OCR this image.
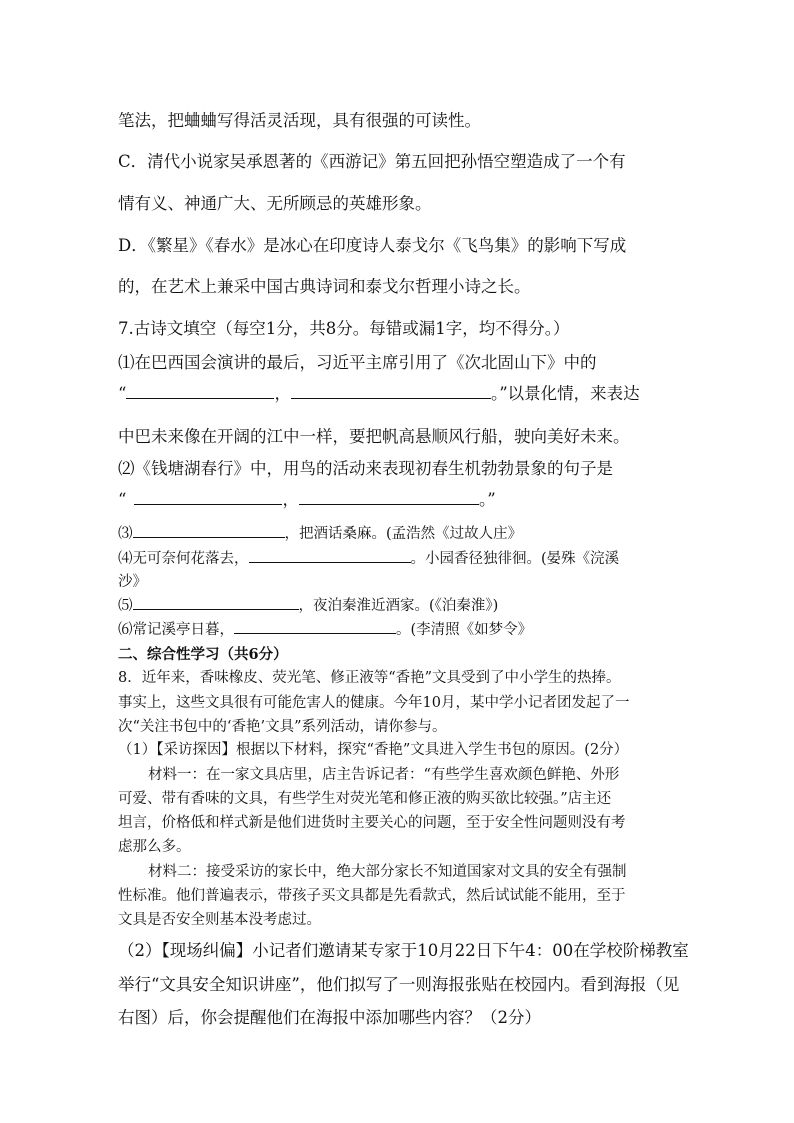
笔法，把蛐蛐写得活灵活现，具有很强的可读性。
C．清代小说家吴承恩著的《西游记》第五回把孙悟空塑造成了一个有
情有义、神通广大、无所顾忌的英雄形象。
D．《繁星》《春水》是冰心在印度诗人泰戈尔《飞鸟集》的影响下写成
的，在艺术上兼采中国古典诗词和泰戈尔哲理小诗之长。
7.古诗文填空（每空1分，共8分。每错或漏1字，均不得分。）
⑴在巴西国会演讲的最后，习近平主席引用了《次北固山下》中的
“	，	。”以景化情，来表达
中巴未来像在开阔的江中一样，要把帆高悬顺风行船，驶向美好未来。
⑵《钱塘湖春行》中，用鸟的活动来表现初春生机勃勃景象的句子是
“	，	。”
⑶	，把酒话桑麻。(孟浩然《过故人庄》
⑷无可奈何花落去，	。小园香径独徘徊。(晏殊《浣溪
沙》
⑸	，夜泊秦淮近酒家。(《泊秦淮》)
⑹常记溪亭日暮，	。(李清照《如梦令》
二、综合性学习（共6分）
8．近年来，香味橡皮、荧光笔、修正液等“香艳”文具受到了中小学生的热捧。
事实上，这些文具很有可能危害人的健康。今年10月，某中学小记者团发起了一
次“关注书包中的‘香艳’文具”系列活动，请你参与。
（1）【采访探因】根据以下材料，探究“香艳”文具进入学生书包的原因。(2分）
材料一：在一家文具店里，店主告诉记者：“有些学生喜欢颜色鲜艳、外形
可爱、带有香味的文具，有些学生对荧光笔和修正液的购买欲比较强。”店主还
坦言，价格低和样式新是他们进货时主要关心的问题，至于安全性问题则没有考
虑那么多。
材料二：接受采访的家长中，绝大部分家长不知道国家对文具的安全有强制
性标准。他们普遍表示，带孩子买文具都是先看款式，然后试试能不能用，至于
文具是否安全则基本没考虑过。
（2）【现场纠偏】小记者们邀请某专家于10月22日下午4：00在学校阶梯教室
举行“文具安全知识讲座”，他们拟写了一则海报张贴在校园内。看到海报（见
右图）后，你会提醒他们在海报中添加哪些内容？（2分）
